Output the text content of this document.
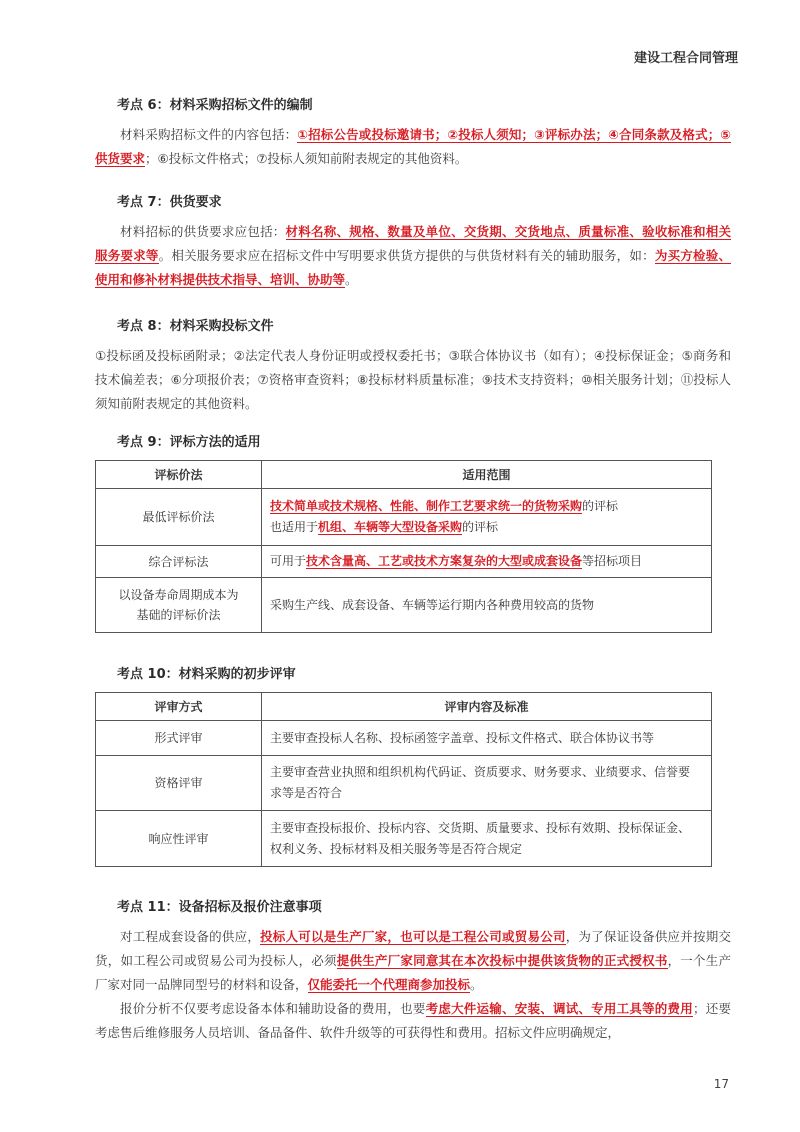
建设工程合同管理
考点 6：材料采购招标文件的编制

材料采购招标文件的内容包括：①招标公告或投标邀请书；②投标人须知；③评标办法；④合同条款及格式；⑤供货要求；⑥投标文件格式；⑦投标人须知前附表规定的其他资料。

考点 7：供货要求

材料招标的供货要求应包括：材料名称、规格、数量及单位、交货期、交货地点、质量标准、验收标准和相关服务要求等。相关服务要求应在招标文件中写明要求供货方提供的与供货材料有关的辅助服务，如：为买方检验、使用和修补材料提供技术指导、培训、协助等。

考点 8：材料采购投标文件

①投标函及投标函附录；②法定代表人身份证明或授权委托书；③联合体协议书（如有）；④投标保证金；⑤商务和技术偏差表；⑥分项报价表；⑦资格审查资料；⑧投标材料质量标准；⑨技术支持资料；⑩相关服务计划；⑪投标人须知前附表规定的其他资料。

考点 9：评标方法的适用
评标价法	适用范围
最低评标价法	技术简单或技术规格、性能、制作工艺要求统一的货物采购的评标
也适用于机组、车辆等大型设备采购的评标
综合评标法	可用于技术含量高、工艺或技术方案复杂的大型或成套设备等招标项目
以设备寿命周期成本为基础的评标价法	采购生产线、成套设备、车辆等运行期内各种费用较高的货物
考点 10：材料采购的初步评审
评审方式	评审内容及标准
形式评审	主要审查投标人名称、投标函签字盖章、投标文件格式、联合体协议书等
资格评审	主要审查营业执照和组织机构代码证、资质要求、财务要求、业绩要求、信誉要求等是否符合
响应性评审	主要审查投标报价、投标内容、交货期、质量要求、投标有效期、投标保证金、权利义务、投标材料及相关服务等是否符合规定
考点 11：设备招标及报价注意事项

对工程成套设备的供应，投标人可以是生产厂家，也可以是工程公司或贸易公司，为了保证设备供应并按期交货，如工程公司或贸易公司为投标人，必须提供生产厂家同意其在本次投标中提供该货物的正式授权书，一个生产厂家对同一品牌同型号的材料和设备，仅能委托一个代理商参加投标。

报价分析不仅要考虑设备本体和辅助设备的费用，也要考虑大件运输、安装、调试、专用工具等的费用；还要考虑售后维修服务人员培训、备品备件、软件升级等的可获得性和费用。招标文件应明确规定，

17
